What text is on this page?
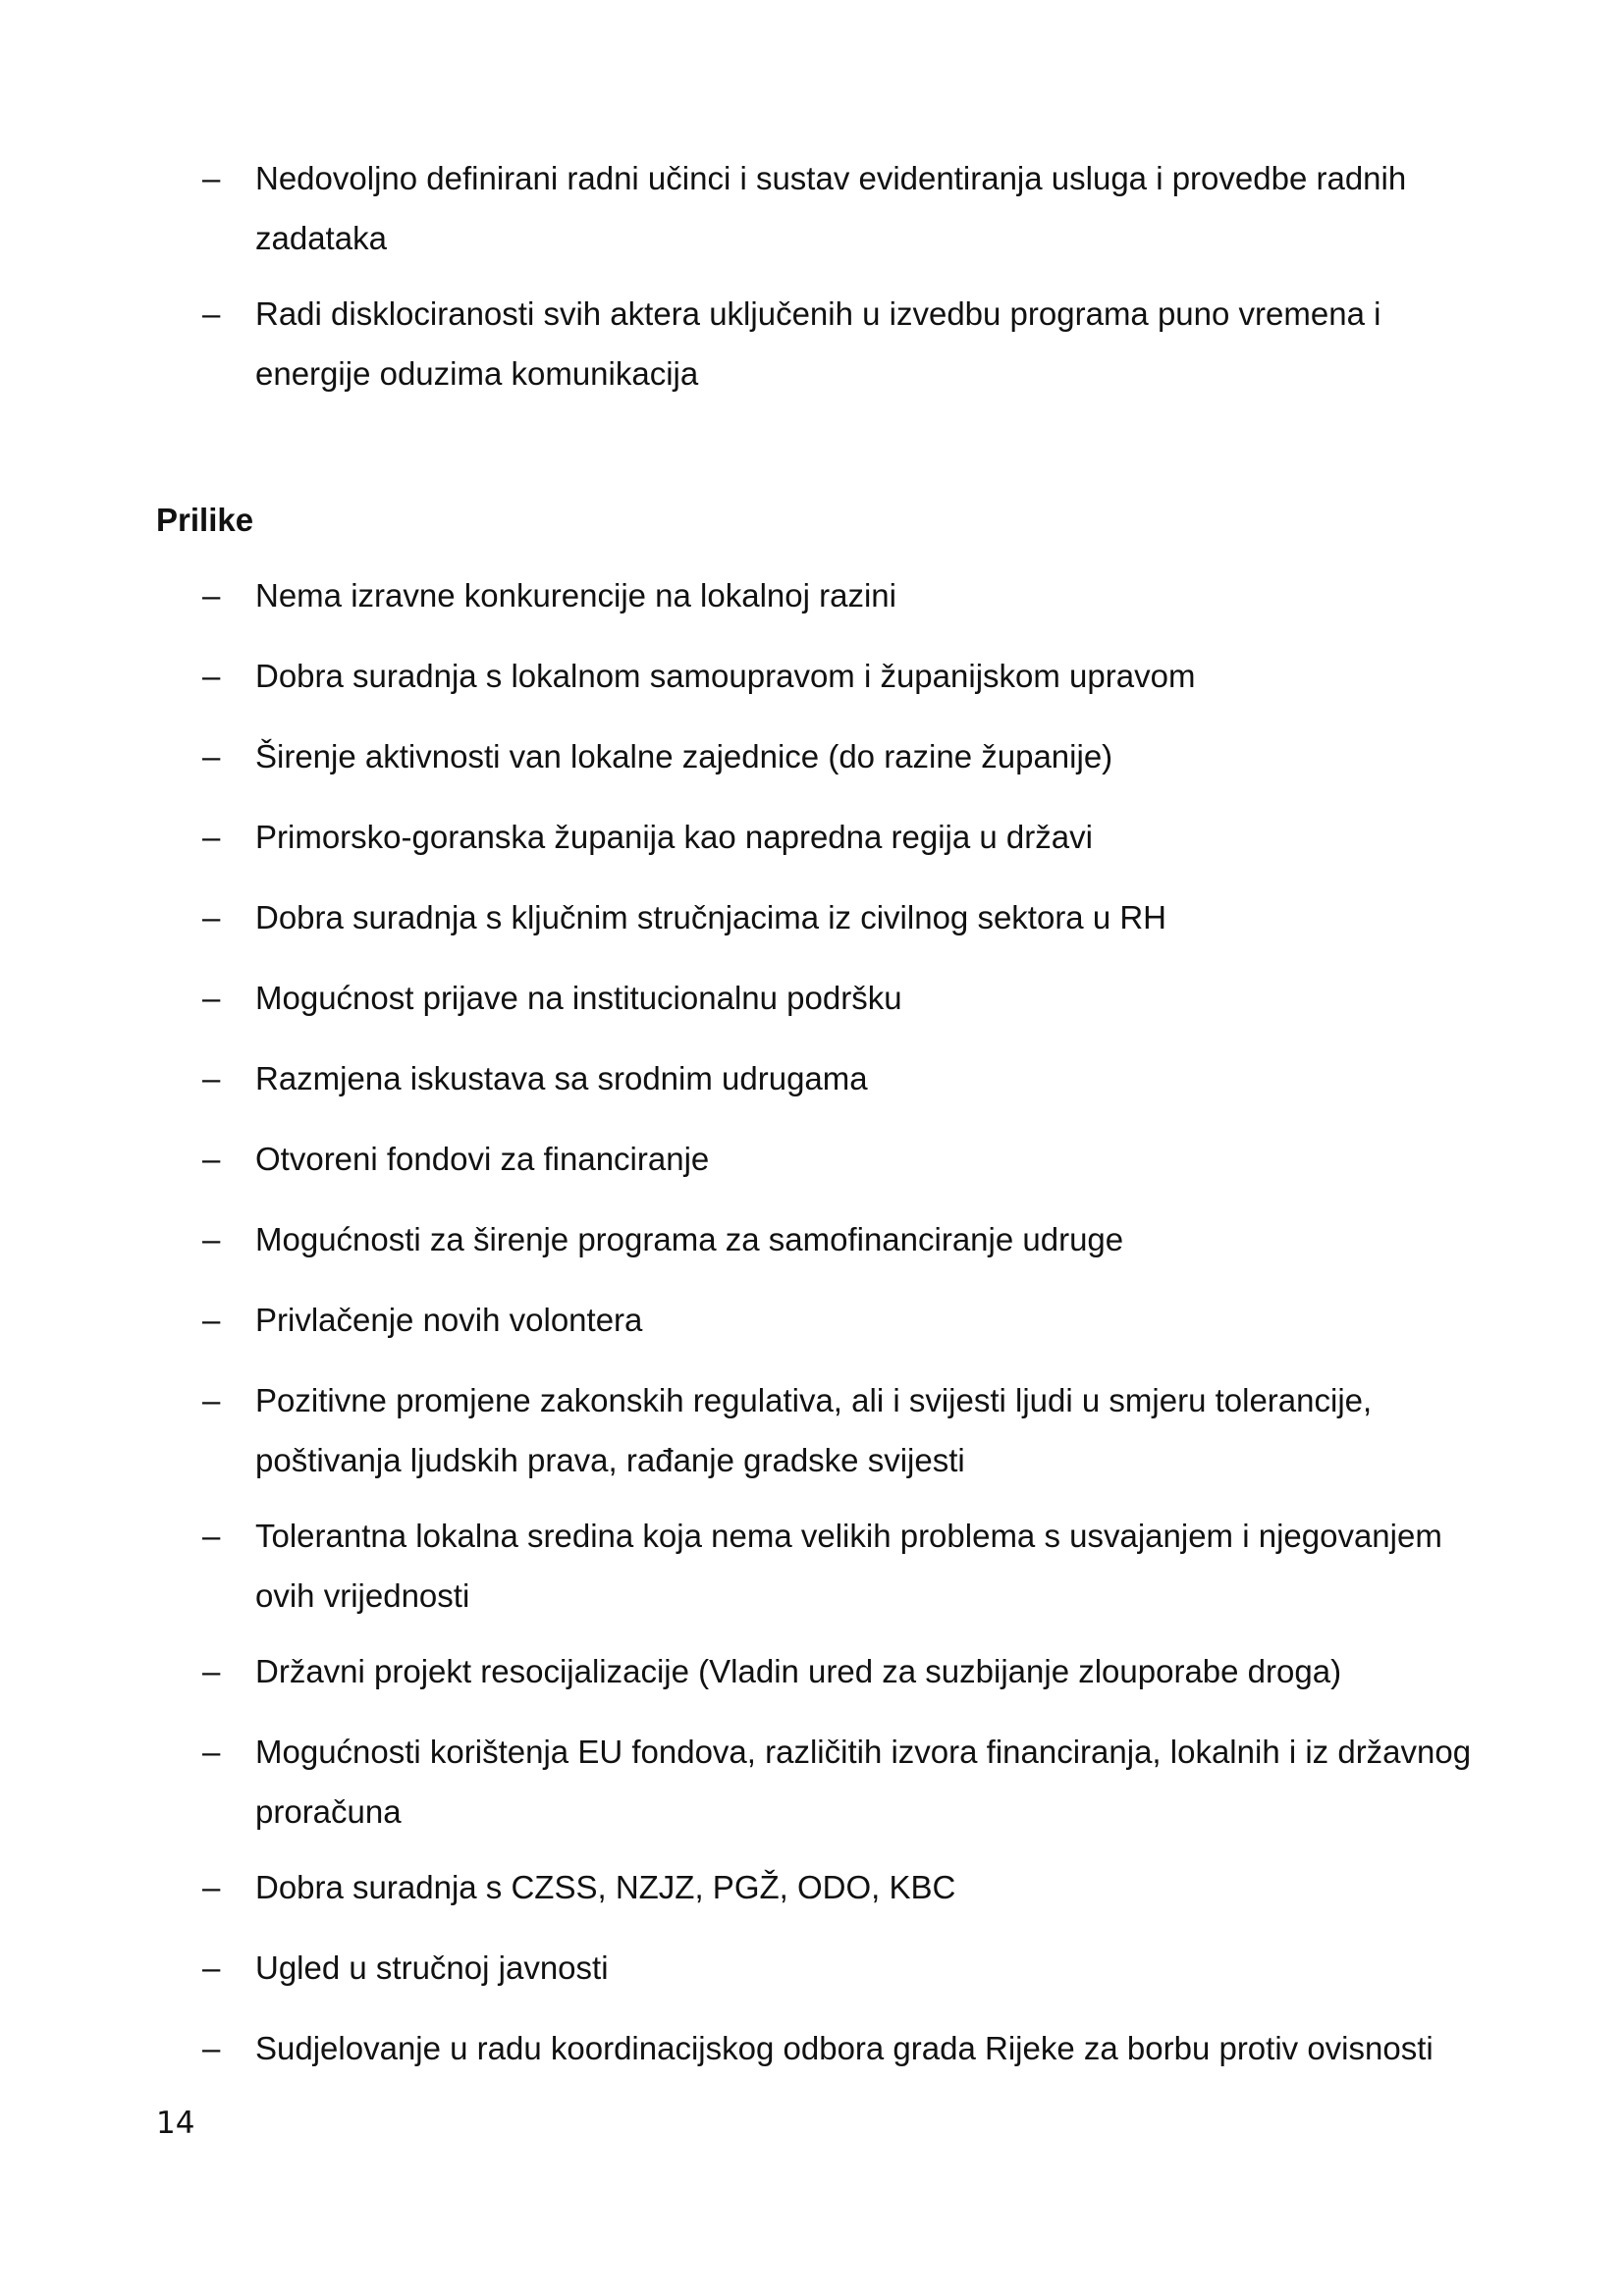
– Nedovoljno definirani radni učinci i sustav evidentiranja usluga i provedbe radnih zadataka
– Radi disklociranosti svih aktera uključenih u izvedbu programa puno vremena i energije oduzima komunikacija
Prilike
– Nema izravne konkurencije na lokalnoj razini
– Dobra suradnja s lokalnom samoupravom i županijskom upravom
– Širenje aktivnosti van lokalne zajednice (do razine županije)
– Primorsko-goranska županija kao napredna regija u državi
– Dobra suradnja s ključnim stručnjacima iz civilnog sektora u RH
– Mogućnost prijave na institucionalnu podršku
– Razmjena iskustava sa srodnim udrugama
– Otvoreni fondovi za financiranje
– Mogućnosti za širenje programa za samofinanciranje udruge
– Privlačenje novih volontera
– Pozitivne promjene zakonskih regulativa, ali i svijesti ljudi u smjeru tolerancije, poštivanja ljudskih prava, rađanje gradske svijesti
– Tolerantna lokalna sredina koja nema velikih problema s usvajanjem i njegovanjem ovih vrijednosti
– Državni projekt resocijalizacije (Vladin ured za suzbijanje zlouporabe droga)
– Mogućnosti korištenja EU fondova, različitih izvora financiranja, lokalnih i iz državnog proračuna
– Dobra suradnja s CZSS, NZJZ, PGŽ, ODO, KBC
– Ugled u stručnoj javnosti
– Sudjelovanje u radu koordinacijskog odbora grada Rijeke za borbu protiv ovisnosti
14
